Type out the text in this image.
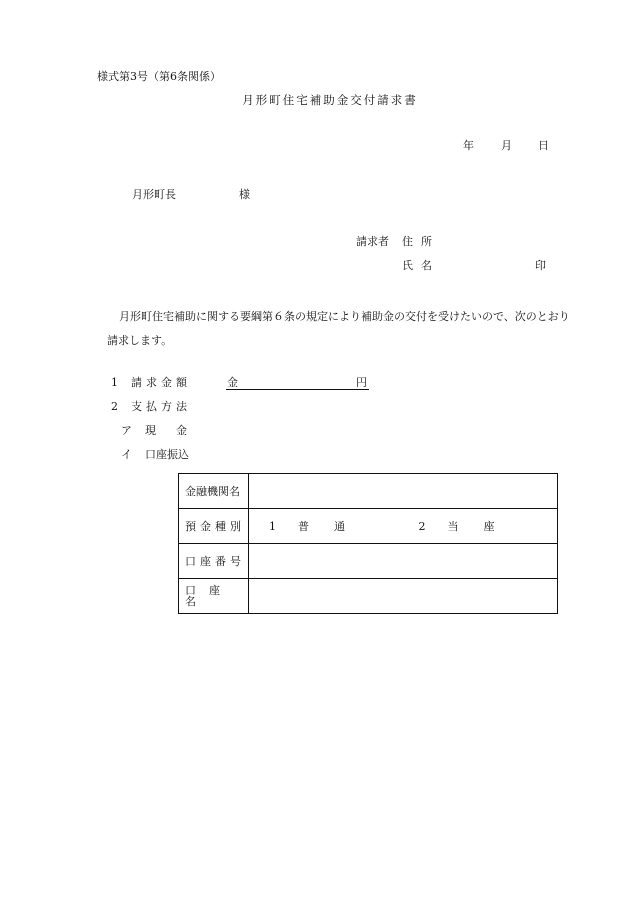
様式第3号（第6条関係）
月形町住宅補助金交付請求書
年 月 日
月形町長	様
請求者 住所
氏名	印
月形町住宅補助に関する要綱第６条の規定により補助金の交付を受けたいので、次のとおり請求します。
1 請求金額	金	円
2 支払方法
ア 現金
イ 口座振込
金融機関名	
預金種別	1 普 通 2 当 座
口座番号	
口座名	
